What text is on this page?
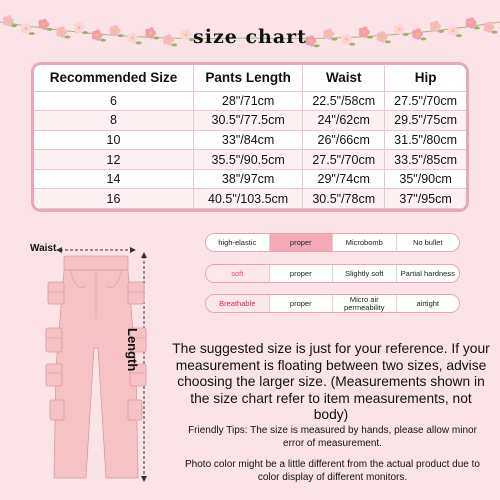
size chart
Recommended Size	Pants Length	Waist	Hip
6	28"/71cm	22.5"/58cm	27.5"/70cm
8	30.5"/77.5cm	24"/62cm	29.5"/75cm
10	33"/84cm	26"/66cm	31.5"/80cm
12	35.5"/90.5cm	27.5"/70cm	33.5"/85cm
14	38"/97cm	29"/74cm	35"/90cm
16	40.5"/103.5cm	30.5"/78cm	37"/95cm
Waist
Length
high-elastic	proper	Microbomb	No bullet
soft	proper	Slightly soft	Partial hardness
Breathable	proper	Micro air permeability	airtight
The suggested size is just for your reference. If your measurement is floating between two sizes, advise choosing the larger size. (Measurements shown in the size chart refer to item measurements, not body)
Friendly Tips: The size is measured by hands, please allow minor error of measurement.
Photo color might be a little different from the actual product due to color display of different monitors.
